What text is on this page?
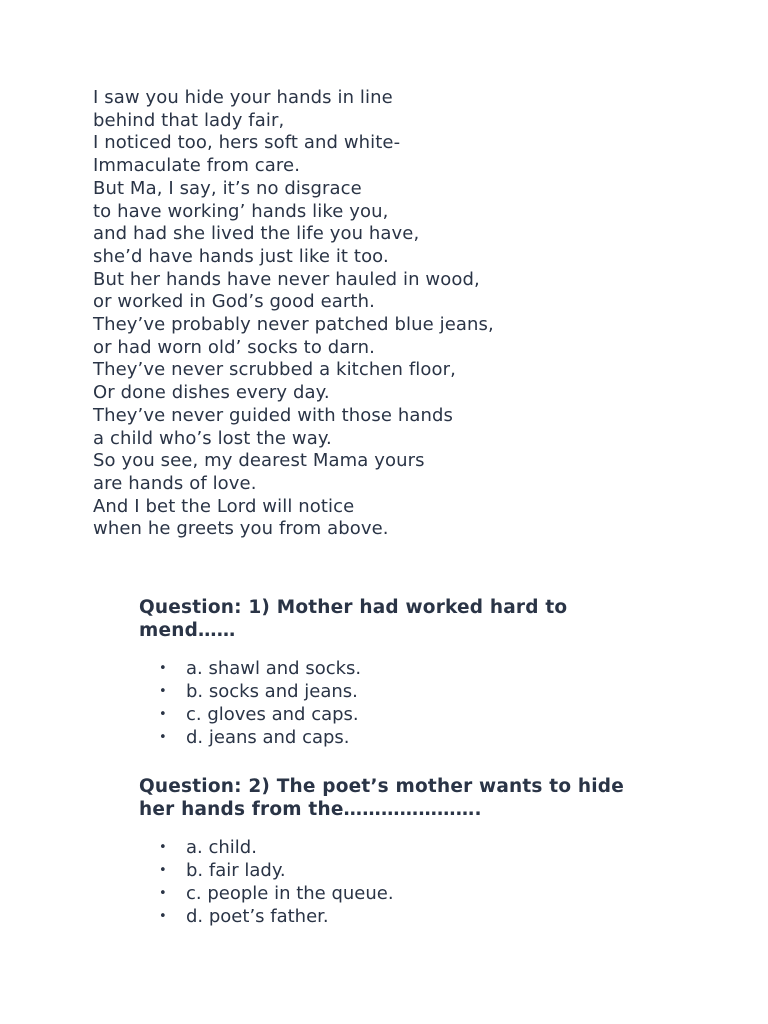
I saw you hide your hands in line
behind that lady fair,
I noticed too, hers soft and white-
Immaculate from care.
But Ma, I say, it’s no disgrace
to have working’ hands like you,
and had she lived the life you have,
she’d have hands just like it too.
But her hands have never hauled in wood,
or worked in God’s good earth.
They’ve probably never patched blue jeans,
or had worn old’ socks to darn.
They’ve never scrubbed a kitchen floor,
Or done dishes every day.
They’ve never guided with those hands
a child who’s lost the way.
So you see, my dearest Mama yours
are hands of love.
And I bet the Lord will notice
when he greets you from above.
Question: 1) Mother had worked hard to
mend……
• a. shawl and socks.
• b. socks and jeans.
• c. gloves and caps.
• d. jeans and caps.
Question: 2) The poet’s mother wants to hide
her hands from the………………….
• a. child.
• b. fair lady.
• c. people in the queue.
• d. poet’s father.
